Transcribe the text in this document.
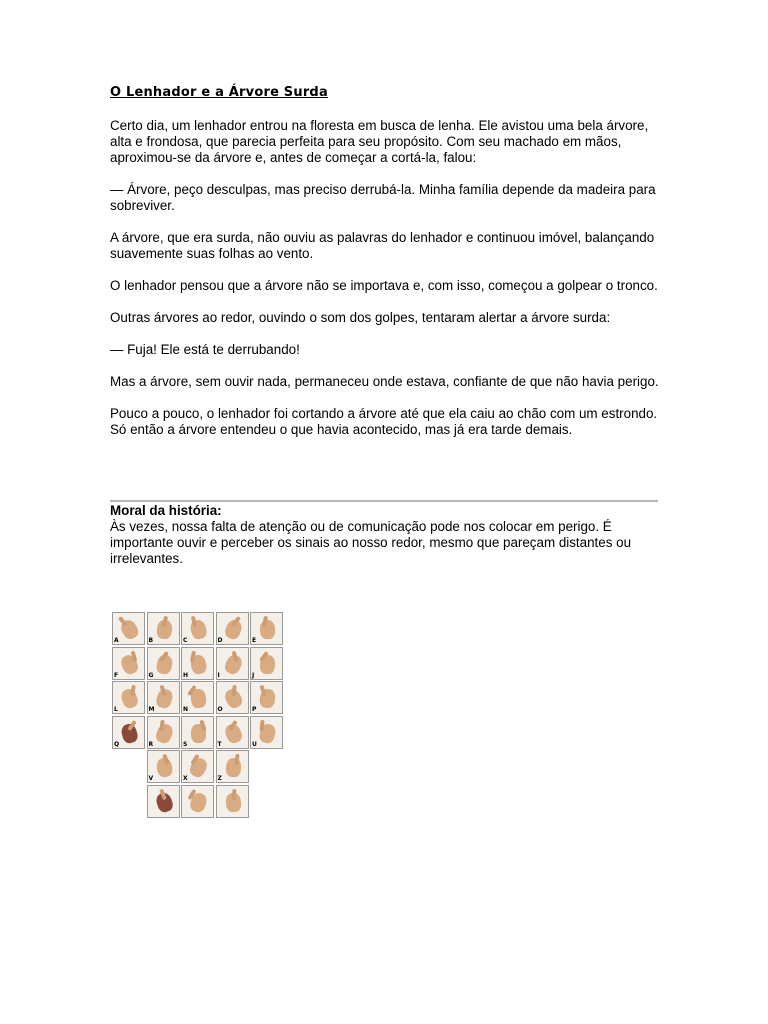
O Lenhador e a Árvore Surda

Certo dia, um lenhador entrou na floresta em busca de lenha. Ele avistou uma bela árvore, alta e frondosa, que parecia perfeita para seu propósito. Com seu machado em mãos, aproximou-se da árvore e, antes de começar a cortá-la, falou:

— Árvore, peço desculpas, mas preciso derrubá-la. Minha família depende da madeira para sobreviver.

A árvore, que era surda, não ouviu as palavras do lenhador e continuou imóvel, balançando suavemente suas folhas ao vento.

O lenhador pensou que a árvore não se importava e, com isso, começou a golpear o tronco.

Outras árvores ao redor, ouvindo o som dos golpes, tentaram alertar a árvore surda:

— Fuja! Ele está te derrubando!

Mas a árvore, sem ouvir nada, permaneceu onde estava, confiante de que não havia perigo.

Pouco a pouco, o lenhador foi cortando a árvore até que ela caiu ao chão com um estrondo. Só então a árvore entendeu o que havia acontecido, mas já era tarde demais.

Moral da história:
Às vezes, nossa falta de atenção ou de comunicação pode nos colocar em perigo. É importante ouvir e perceber os sinais ao nosso redor, mesmo que pareçam distantes ou irrelevantes.
A	B	C	D	E
F	G	H	I	J
L	M	N	O	P
Q	R	S	T	U
V	X	Z
